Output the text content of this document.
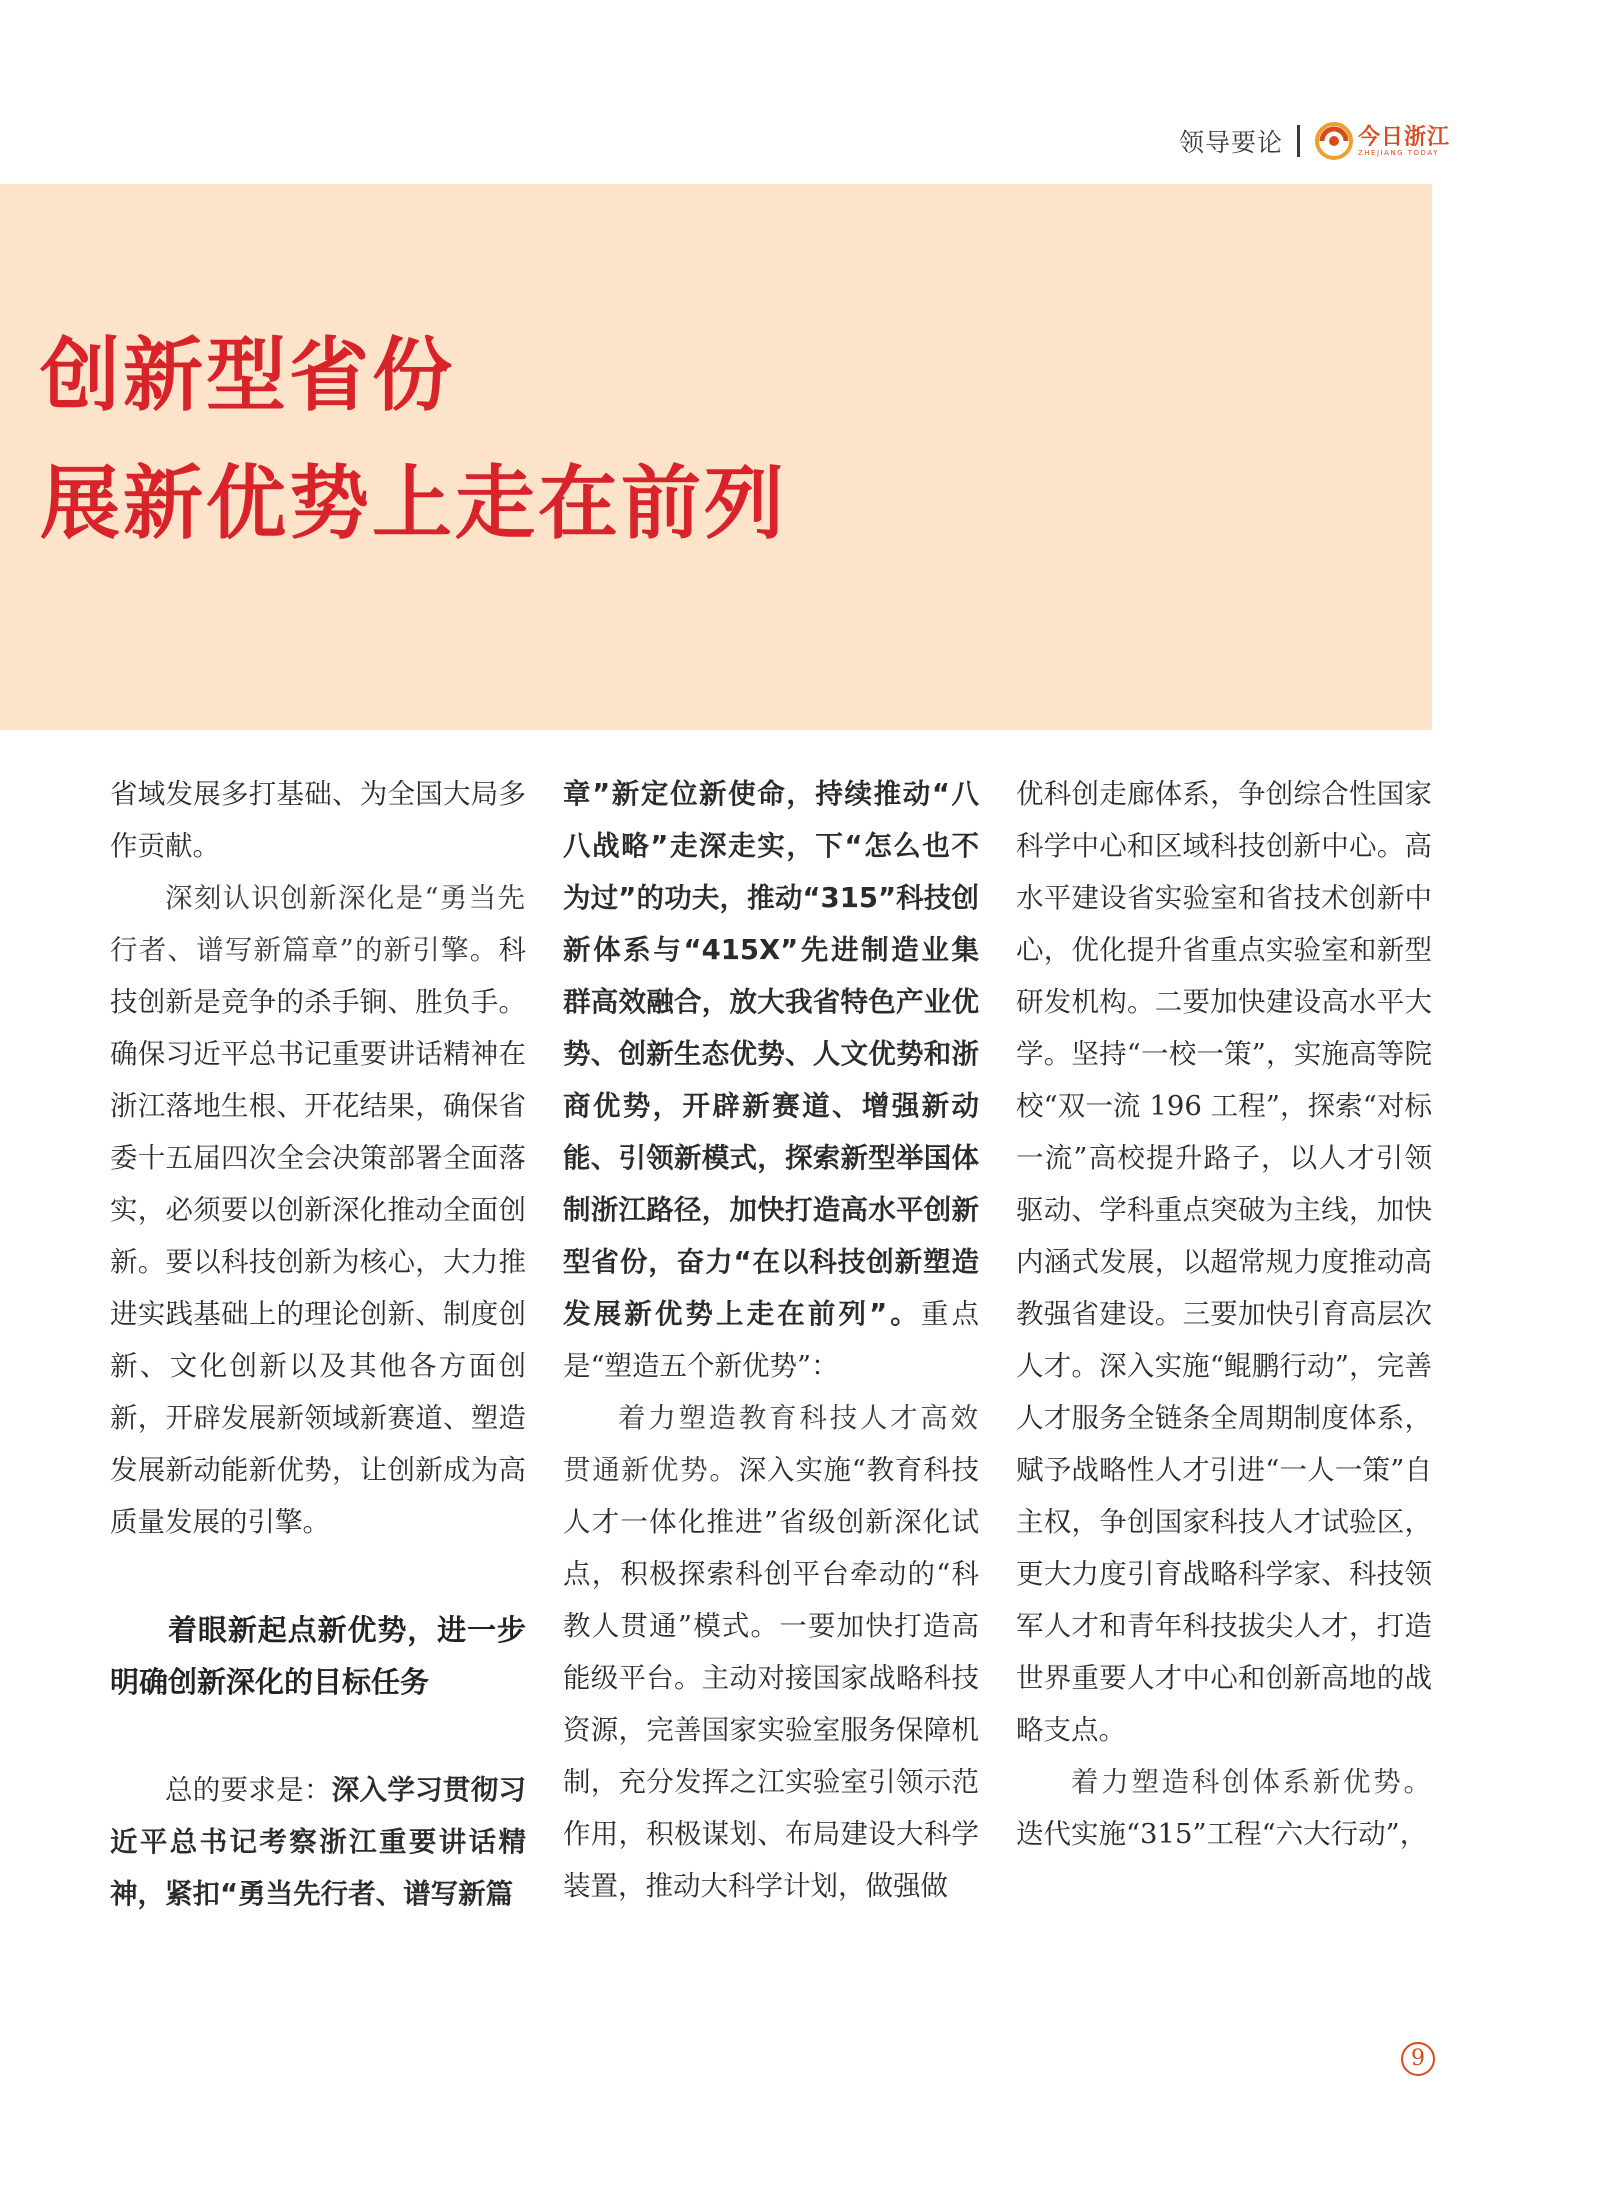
领导要论	今日浙江
ZHEJIANG TODAY
创新型省份
展新优势上走在前列

省域发展多打基础、为全国大局多作贡献。

深刻认识创新深化是“勇当先行者、谱写新篇章”的新引擎。科技创新是竞争的杀手锏、胜负手。确保习近平总书记重要讲话精神在浙江落地生根、开花结果，确保省委十五届四次全会决策部署全面落实，必须要以创新深化推动全面创新。要以科技创新为核心，大力推进实践基础上的理论创新、制度创新、文化创新以及其他各方面创新，开辟发展新领域新赛道、塑造发展新动能新优势，让创新成为高质量发展的引擎。

着眼新起点新优势，进一步明确创新深化的目标任务

总的要求是：深入学习贯彻习近平总书记考察浙江重要讲话精神，紧扣“勇当先行者、谱写新篇

章”新定位新使命，持续推动“八八战略”走深走实，下“怎么也不为过”的功夫，推动“315”科技创新体系与“415X”先进制造业集群高效融合，放大我省特色产业优势、创新生态优势、人文优势和浙商优势，开辟新赛道、增强新动能、引领新模式，探索新型举国体制浙江路径，加快打造高水平创新型省份，奋力“在以科技创新塑造发展新优势上走在前列”。重点是“塑造五个新优势”：

着力塑造教育科技人才高效贯通新优势。深入实施“教育科技人才一体化推进”省级创新深化试点，积极探索科创平台牵动的“科教人贯通”模式。一要加快打造高能级平台。主动对接国家战略科技资源，完善国家实验室服务保障机制，充分发挥之江实验室引领示范作用，积极谋划、布局建设大科学装置，推动大科学计划，做强做

优科创走廊体系，争创综合性国家科学中心和区域科技创新中心。高水平建设省实验室和省技术创新中心，优化提升省重点实验室和新型研发机构。二要加快建设高水平大学。坚持“一校一策”，实施高等院校“双一流 196 工程”，探索“对标一流”高校提升路子，以人才引领驱动、学科重点突破为主线，加快内涵式发展，以超常规力度推动高教强省建设。三要加快引育高层次人才。深入实施“鲲鹏行动”，完善人才服务全链条全周期制度体系，赋予战略性人才引进“一人一策”自主权，争创国家科技人才试验区，更大力度引育战略科学家、科技领军人才和青年科技拔尖人才，打造世界重要人才中心和创新高地的战略支点。

着力塑造科创体系新优势。迭代实施“315”工程“六大行动”，

9
